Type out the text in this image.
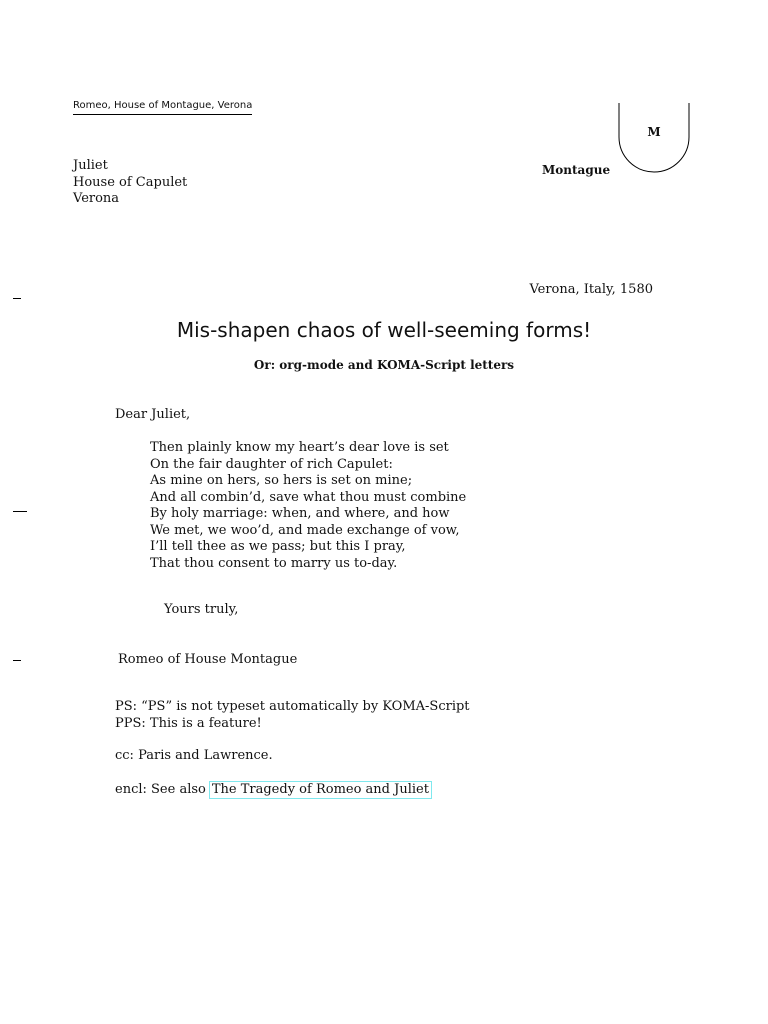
Romeo, House of Montague, Verona
Juliet
House of Capulet
Verona
M
Montague
Verona, Italy, 1580
Mis-shapen chaos of well-seeming forms!
Or: org-mode and KOMA-Script letters
Dear Juliet,
Then plainly know my heart’s dear love is set
On the fair daughter of rich Capulet:
As mine on hers, so hers is set on mine;
And all combin’d, save what thou must combine
By holy marriage: when, and where, and how
We met, we woo’d, and made exchange of vow,
I’ll tell thee as we pass; but this I pray,
That thou consent to marry us to-day.
Yours truly,
Romeo of House Montague
PS: “PS” is not typeset automatically by KOMA-Script
PPS: This is a feature!
cc: Paris and Lawrence.
encl: See also The Tragedy of Romeo and Juliet
